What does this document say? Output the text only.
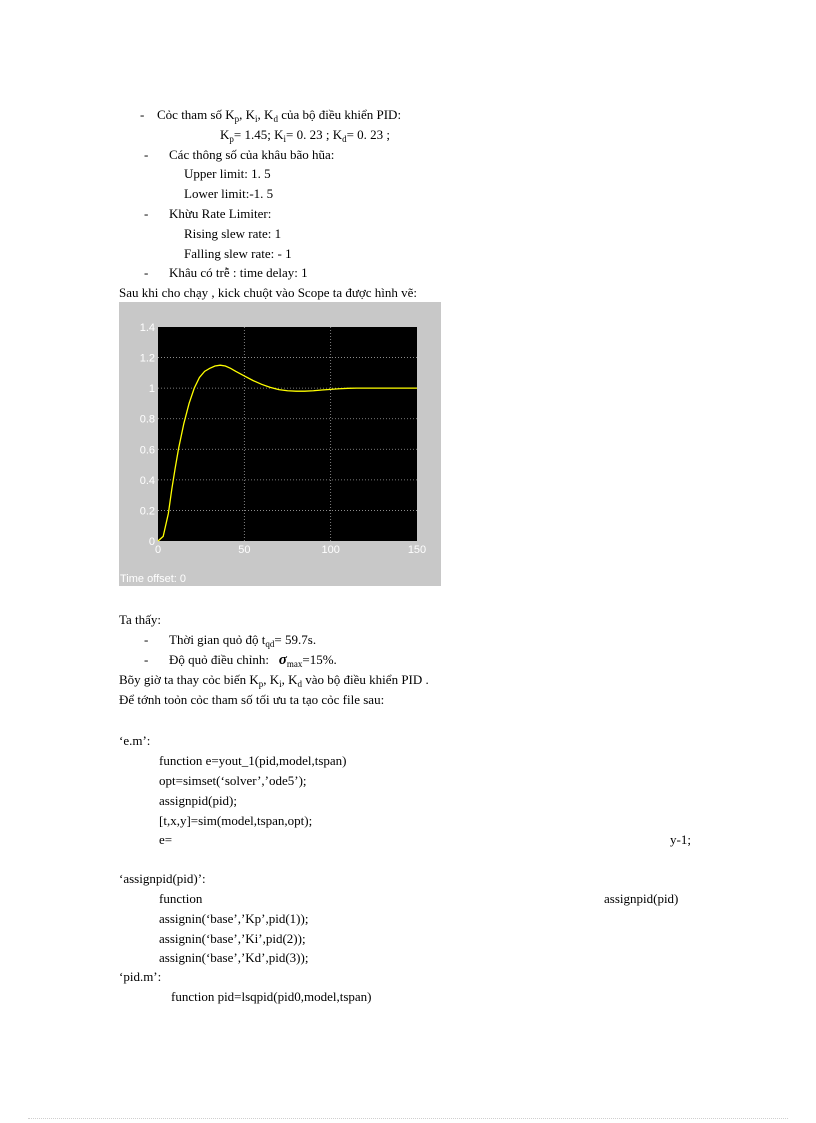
- Cỏc tham số $K_p$, $K_i$, $K_d$ của bộ điều khiển PID:
$K_p= 1.45$; $K_i= 0$. 23 ; $K_d= 0$. 23 ;
- Các thông số của khâu bão hũa:
Upper limit: 1. 5
Lower limit:-1. 5
- Khừu Rate Limiter:
Rising slew rate: 1
Falling slew rate: - 1
- Khâu có trễ : time delay: 1
Sau khi cho chạy , kick chuột vào Scope ta được hình vẽ:
0	50	100	150
0
0.2
0.4
0.6
0.8
1
1.2
1.4
Time offset: 0
Ta thấy:
- Thời gian quỏ độ $t_{qd}= 59.7s$.
- Độ quỏ điều chỉnh: $\sigma_{max}=15\%$.
Bõy giờ ta thay cỏc biến $K_p$, $K_i$, $K_d$ vào bộ điều khiển PID .
Để tớnh toỏn cỏc tham số tối ưu ta tạo cỏc file sau:
‘e.m’:
function e=yout_1(pid,model,tspan)
opt=simset(‘solver’,’ode5’);
assignpid(pid);
[t,x,y]=sim(model,tspan,opt);
e=	y-1;
‘assignpid(pid)’:
function	assignpid(pid)
assignin(‘base’,’Kp’,pid(1));
assignin(‘base’,’Ki’,pid(2));
assignin(‘base’,’Kd’,pid(3));
‘pid.m’:
function pid=lsqpid(pid0,model,tspan)
